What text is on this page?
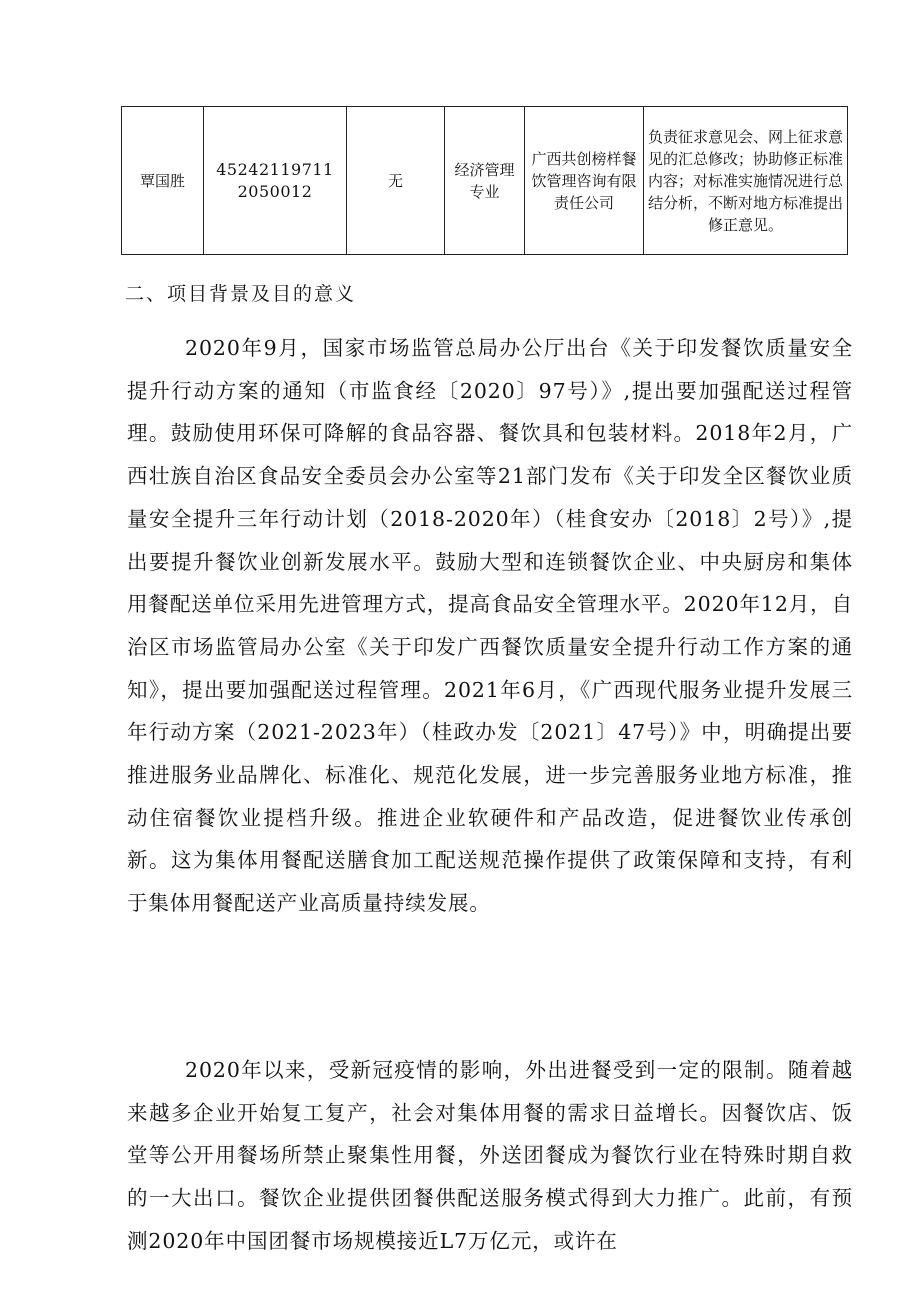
覃国胜	452421197112050012	无	经济管理专业	广西共创榜样餐饮管理咨询有限责任公司	负责征求意见会、网上征求意见的汇总修改；协助修正标准内容；对标准实施情况进行总结分析，不断对地方标准提出修正意见。
二、项目背景及目的意义

2020年9月，国家市场监管总局办公厅出台《关于印发餐饮质量安全提升行动方案的通知（市监食经〔2020〕97号）》,提出要加强配送过程管理。鼓励使用环保可降解的食品容器、餐饮具和包装材料。2018年2月，广西壮族自治区食品安全委员会办公室等21部门发布《关于印发全区餐饮业质量安全提升三年行动计划（2018-2020年）（桂食安办〔2018〕2号）》,提出要提升餐饮业创新发展水平。鼓励大型和连锁餐饮企业、中央厨房和集体用餐配送单位采用先进管理方式，提高食品安全管理水平。2020年12月，自治区市场监管局办公室《关于印发广西餐饮质量安全提升行动工作方案的通知》，提出要加强配送过程管理。2021年6月，《广西现代服务业提升发展三年行动方案（2021-2023年）（桂政办发〔2021〕47号）》中，明确提出要推进服务业品牌化、标准化、规范化发展，进一步完善服务业地方标准，推动住宿餐饮业提档升级。推进企业软硬件和产品改造，促进餐饮业传承创新。这为集体用餐配送膳食加工配送规范操作提供了政策保障和支持，有利于集体用餐配送产业高质量持续发展。

2020年以来，受新冠疫情的影响，外出进餐受到一定的限制。随着越来越多企业开始复工复产，社会对集体用餐的需求日益增长。因餐饮店、饭堂等公开用餐场所禁止聚集性用餐，外送团餐成为餐饮行业在特殊时期自救的一大出口。餐饮企业提供团餐供配送服务模式得到大力推广。此前，有预测2020年中国团餐市场规模接近L7万亿元，或许在
